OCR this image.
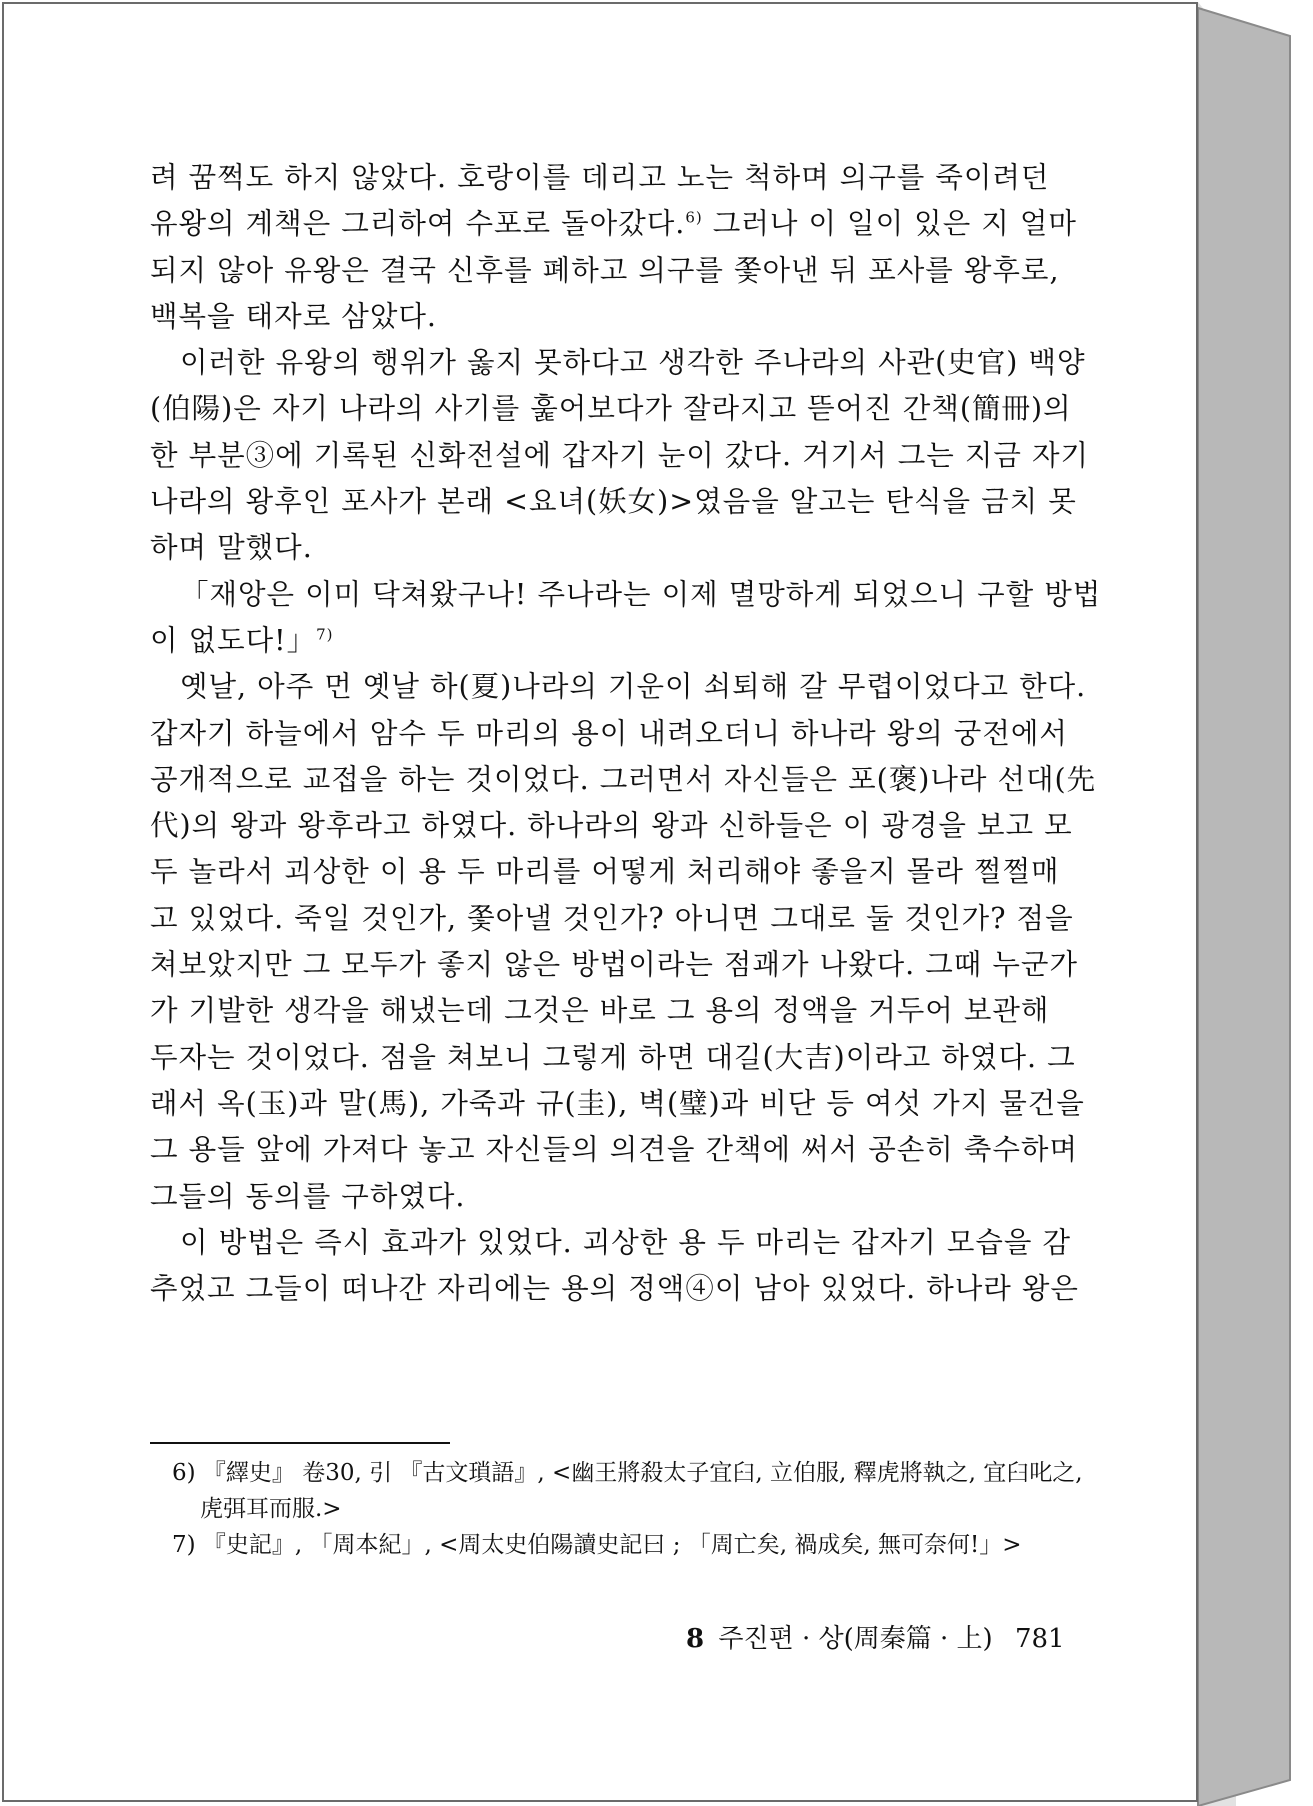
려 꿈쩍도 하지 않았다. 호랑이를 데리고 노는 척하며 의구를 죽이려던
유왕의 계책은 그리하여 수포로 돌아갔다.$^{6)}$ 그러나 이 일이 있은 지 얼마
되지 않아 유왕은 결국 신후를 폐하고 의구를 쫓아낸 뒤 포사를 왕후로,
백복을 태자로 삼았다.
이러한 유왕의 행위가 옳지 못하다고 생각한 주나라의 사관(史官) 백양
(伯陽)은 자기 나라의 사기를 훑어보다가 잘라지고 뜯어진 간책(簡冊)의
한 부분③에 기록된 신화전설에 갑자기 눈이 갔다. 거기서 그는 지금 자기
나라의 왕후인 포사가 본래 <요녀(妖女)>였음을 알고는 탄식을 금치 못
하며 말했다.
「재앙은 이미 닥쳐왔구나! 주나라는 이제 멸망하게 되었으니 구할 방법
이 없도다!」$^{7)}$
옛날, 아주 먼 옛날 하(夏)나라의 기운이 쇠퇴해 갈 무렵이었다고 한다.
갑자기 하늘에서 암수 두 마리의 용이 내려오더니 하나라 왕의 궁전에서
공개적으로 교접을 하는 것이었다. 그러면서 자신들은 포(褒)나라 선대(先
代)의 왕과 왕후라고 하였다. 하나라의 왕과 신하들은 이 광경을 보고 모
두 놀라서 괴상한 이 용 두 마리를 어떻게 처리해야 좋을지 몰라 쩔쩔매
고 있었다. 죽일 것인가, 쫓아낼 것인가? 아니면 그대로 둘 것인가? 점을
쳐보았지만 그 모두가 좋지 않은 방법이라는 점괘가 나왔다. 그때 누군가
가 기발한 생각을 해냈는데 그것은 바로 그 용의 정액을 거두어 보관해
두자는 것이었다. 점을 쳐보니 그렇게 하면 대길(大吉)이라고 하였다. 그
래서 옥(玉)과 말(馬), 가죽과 규(圭), 벽(璧)과 비단 등 여섯 가지 물건을
그 용들 앞에 가져다 놓고 자신들의 의견을 간책에 써서 공손히 축수하며
그들의 동의를 구하였다.
이 방법은 즉시 효과가 있었다. 괴상한 용 두 마리는 갑자기 모습을 감
추었고 그들이 떠나간 자리에는 용의 정액④이 남아 있었다. 하나라 왕은
6) 『繹史』 卷30, 引 『古文瑣語』, <幽王將殺太子宜臼, 立伯服, 釋虎將執之, 宜臼叱之,
虎弭耳而服.>
7) 『史記』, 「周本紀」, <周太史伯陽讀史記曰 ; 「周亡矣, 禍成矣, 無可奈何!」>
8 주진편 · 상(周秦篇 · 上) 781
